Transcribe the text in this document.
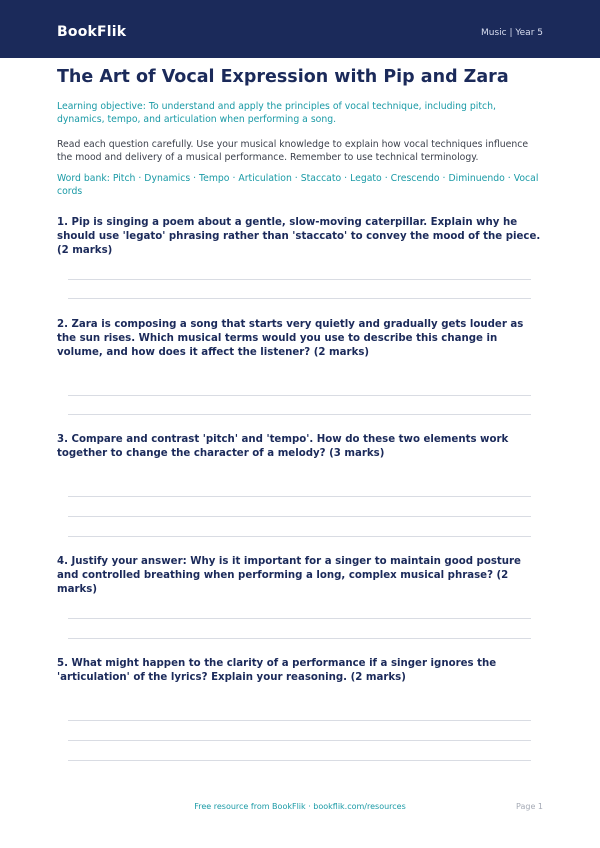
BookFlik	Music | Year 5
The Art of Vocal Expression with Pip and Zara
Learning objective: To understand and apply the principles of vocal technique, including pitch, dynamics, tempo, and articulation when performing a song.
Read each question carefully. Use your musical knowledge to explain how vocal techniques influence the mood and delivery of a musical performance. Remember to use technical terminology.
Word bank: Pitch · Dynamics · Tempo · Articulation · Staccato · Legato · Crescendo · Diminuendo · Vocal cords
1. Pip is singing a poem about a gentle, slow-moving caterpillar. Explain why he should use 'legato' phrasing rather than 'staccato' to convey the mood of the piece. (2 marks)
2. Zara is composing a song that starts very quietly and gradually gets louder as the sun rises. Which musical terms would you use to describe this change in volume, and how does it affect the listener? (2 marks)
3. Compare and contrast 'pitch' and 'tempo'. How do these two elements work together to change the character of a melody? (3 marks)
4. Justify your answer: Why is it important for a singer to maintain good posture and controlled breathing when performing a long, complex musical phrase? (2 marks)
5. What might happen to the clarity of a performance if a singer ignores the 'articulation' of the lyrics? Explain your reasoning. (2 marks)
Free resource from BookFlik · bookflik.com/resources	Page 1
